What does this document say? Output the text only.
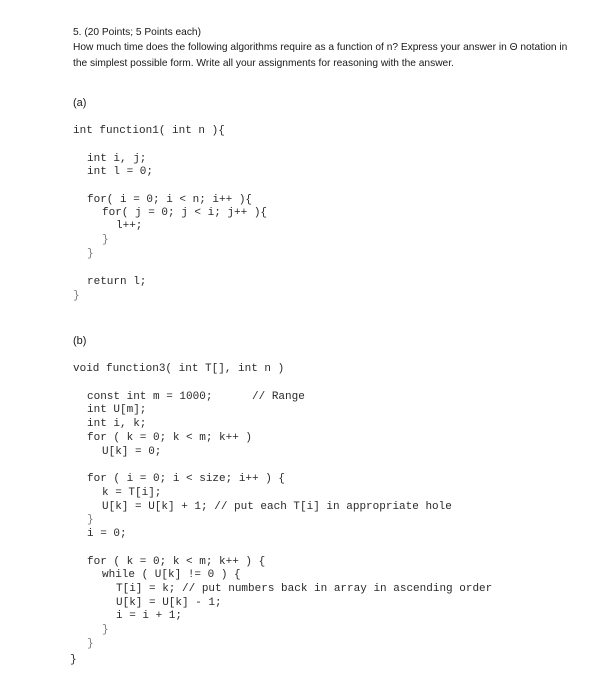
5. (20 Points; 5 Points each)

How much time does the following algorithms require as a function of n? Express your answer in Θ notation in the simplest possible form. Write all your assignments for reasoning with the answer.

(a)
(b)
int function1( int n ){
int i, j;
int l = 0;
for( i = 0; i < n; i++ ){
for( j = 0; j < i; j++ ){
l++;
}
}
return l;
}
void function3( int T[], int n )
const int m = 1000;      // Range
int U[m];
int i, k;
for ( k = 0; k < m; k++ )
U[k] = 0;
for ( i = 0; i < size; i++ ) {
k = T[i];
U[k] = U[k] + 1; // put each T[i] in appropriate hole
}
i = 0;
for ( k = 0; k < m; k++ ) {
while ( U[k] != 0 ) {
T[i] = k; // put numbers back in array in ascending order
U[k] = U[k] - 1;
i = i + 1;
}
}
}
